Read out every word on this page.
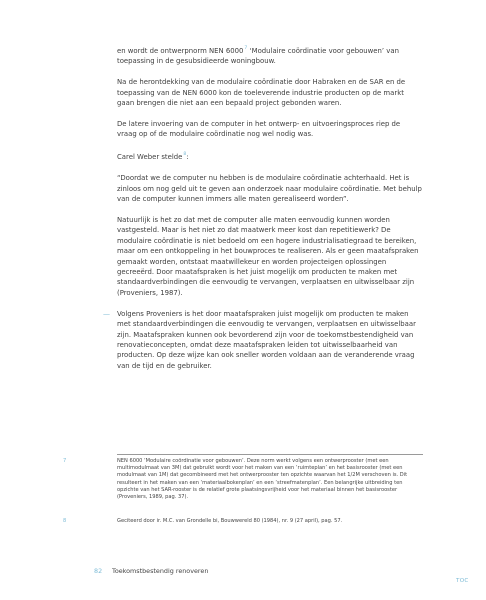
en wordt de ontwerpnorm NEN 6000$^7$ ‘Modulaire coördinatie voor gebouwen’ van toepassing in de gesubsidieerde woningbouw.

Na de herontdekking van de modulaire coördinatie door Habraken en de SAR en de toepassing van de NEN 6000 kon de toeleverende industrie producten op de markt gaan brengen die niet aan een bepaald project gebonden waren.

De latere invoering van de computer in het ontwerp- en uitvoeringsproces riep de vraag op of de modulaire coördinatie nog wel nodig was.

Carel Weber stelde$^8$:

“Doordat we de computer nu hebben is de modulaire coördinatie achterhaald. Het is zinloos om nog geld uit te geven aan onderzoek naar modulaire coördinatie. Met behulp van de computer kunnen immers alle maten gerealiseerd worden”.

Natuurlijk is het zo dat met de computer alle maten eenvoudig kunnen worden vastgesteld. Maar is het niet zo dat maatwerk meer kost dan repetitiewerk? De modulaire coördinatie is niet bedoeld om een hogere industrialisatiegraad te bereiken, maar om een ontkoppeling in het bouwproces te realiseren. Als er geen maatafspraken gemaakt worden, ontstaat maatwillekeur en worden projecteigen oplossingen gecreeërd. Door maatafspraken is het juist mogelijk om producten te maken met standaardverbindingen die eenvoudig te vervangen, verplaatsen en uitwisselbaar zijn (Proveniers, 1987).

— Volgens Proveniers is het door maatafspraken juist mogelijk om producten te maken met standaardverbindingen die eenvoudig te vervangen, verplaatsen en uitwisselbaar zijn. Maatafspraken kunnen ook bevorderend zijn voor de toekomstbestendigheid van renovatieconcepten, omdat deze maatafspraken leiden tot uitwisselbaarheid van producten. Op deze wijze kan ook sneller worden voldaan aan de veranderende vraag van de tijd en de gebruiker.

7	NEN 6000 ‘Modulaire coördinatie voor gebouwen’. Deze norm werkt volgens een ontwerprooster (met een multimodulmaat van 3M) dat gebruikt wordt voor het maken van een ‘ruimteplan’ en het basisrooster (met een modulmaat van 1M) dat gecombineerd met het ontwerprooster ten opzichte waarvan het 1/2M verschoven is. Dit resulteert in het maken van een ‘materiaalbokenplan’ en een ‘streefmatenplan’. Een belangrijke uitbreiding ten opzichte van het SAR-rooster is de relatief grote plaatsingsvrijheid voor het materiaal binnen het basisrooster (Proveniers, 1989, pag. 37).
8	Geciteerd door ir. M.C. van Grondelle bi, Bouwwereld 80 (1984), nr. 9 (27 april), pag. 57.
82 Toekomstbestendig renoveren
TOC
